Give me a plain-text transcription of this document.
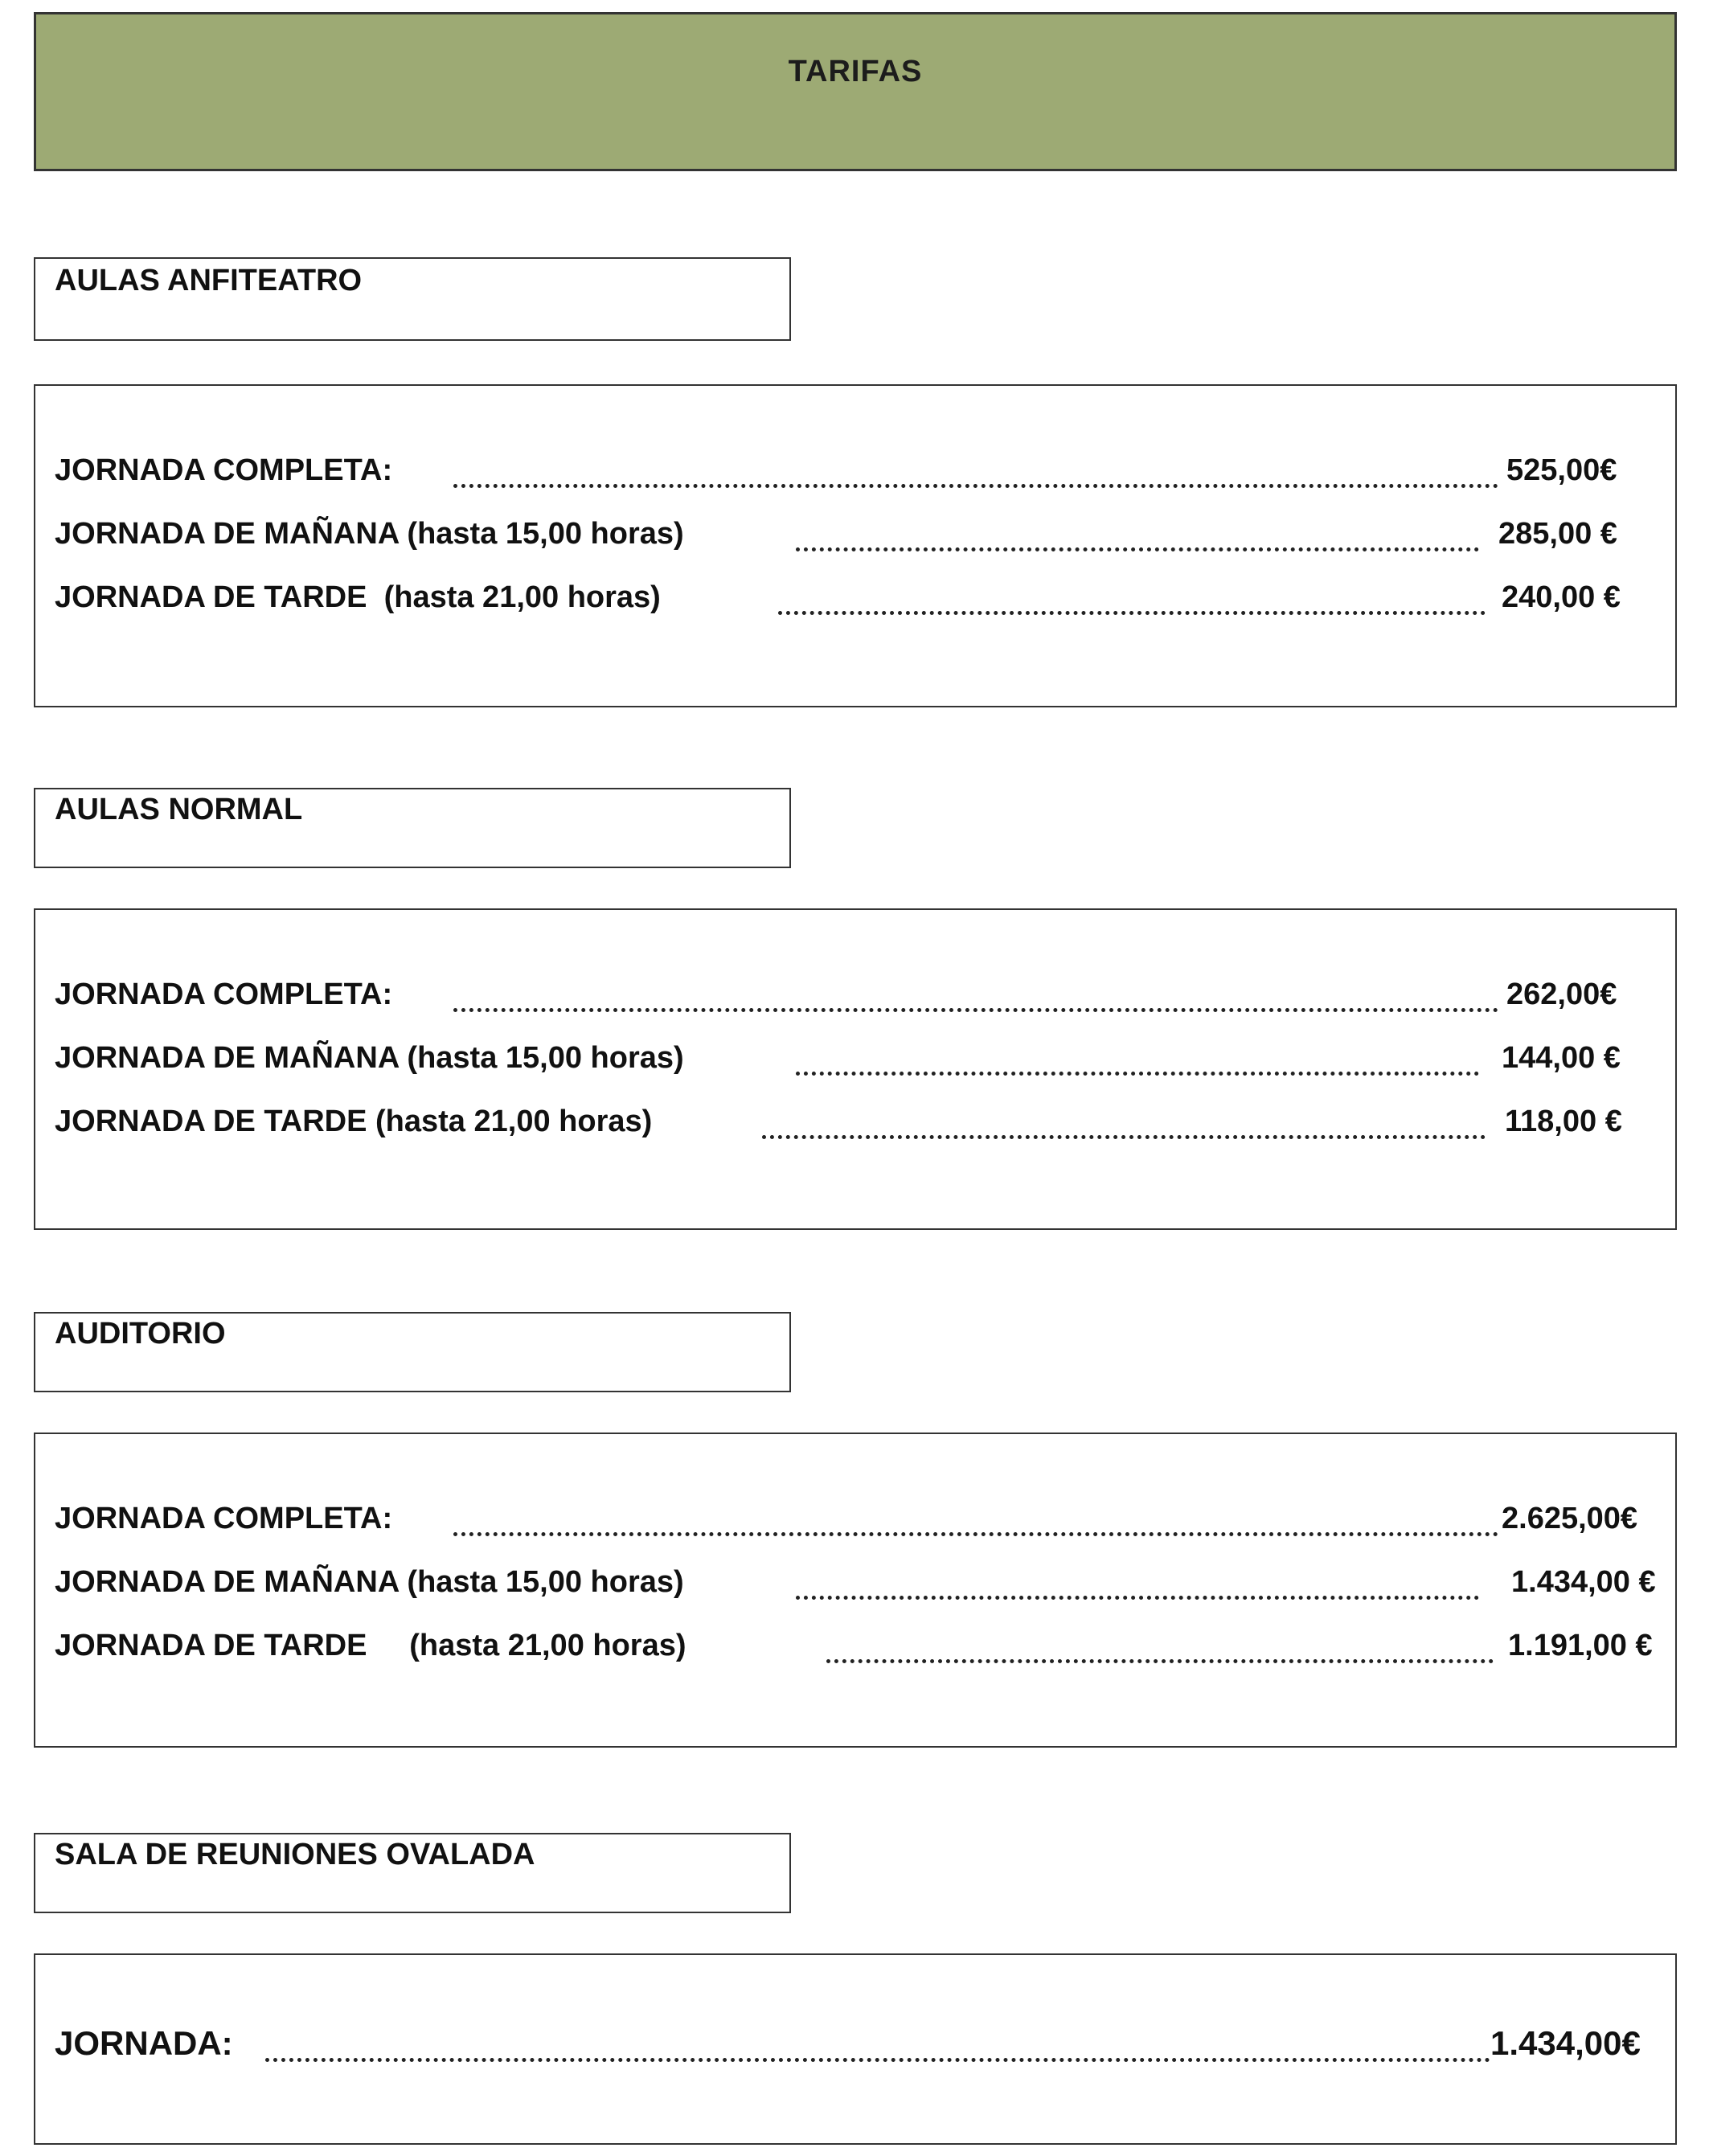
TARIFAS
AULAS ANFITEATRO
JORNADA COMPLETA:	525,00€
JORNADA DE MAÑANA (hasta 15,00 horas)	285,00 €
JORNADA DE TARDE  (hasta 21,00 horas)	240,00 €
AULAS NORMAL
JORNADA COMPLETA:	262,00€
JORNADA DE MAÑANA (hasta 15,00 horas)	144,00 €
JORNADA DE TARDE (hasta 21,00 horas)	118,00 €
AUDITORIO
JORNADA COMPLETA:	2.625,00€
JORNADA DE MAÑANA (hasta 15,00 horas)	1.434,00 €
JORNADA DE TARDE     (hasta 21,00 horas)	1.191,00 €
SALA DE REUNIONES OVALADA
JORNADA:	1.434,00€
